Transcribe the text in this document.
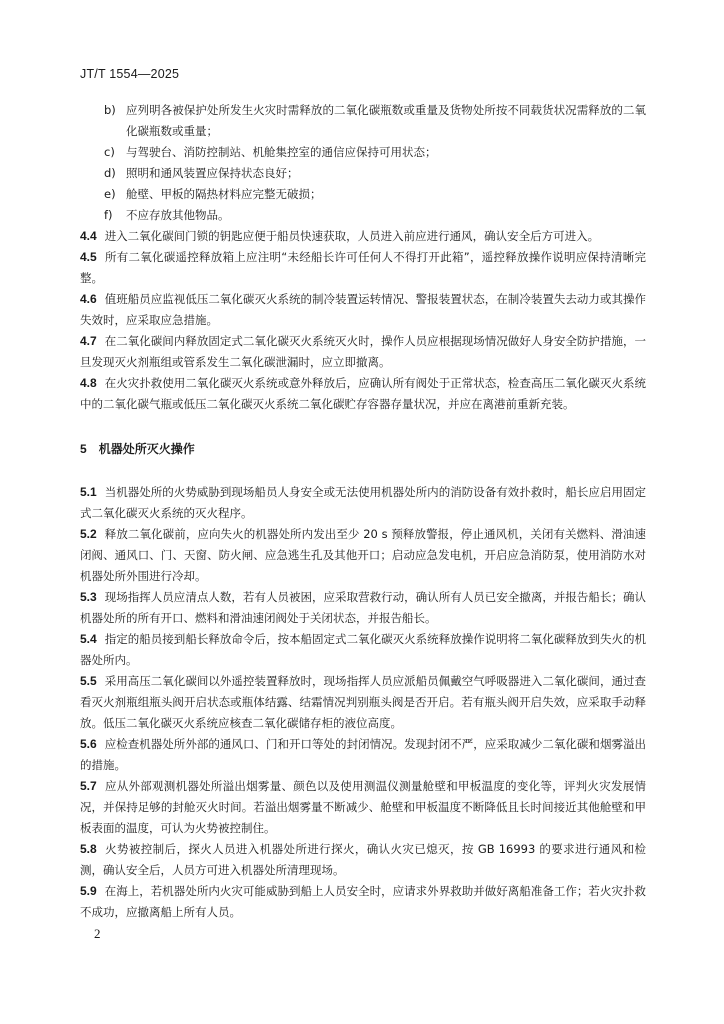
JT/T 1554—2025
b) 应列明各被保护处所发生火灾时需释放的二氧化碳瓶数或重量及货物处所按不同载货状况需释放的二氧化碳瓶数或重量；
c) 与驾驶台、消防控制站、机舱集控室的通信应保持可用状态；
d) 照明和通风装置应保持状态良好；
e) 舱壁、甲板的隔热材料应完整无破损；
f)	不应存放其他物品。
4.4 进入二氧化碳间门锁的钥匙应便于船员快速获取，人员进入前应进行通风，确认安全后方可进入。
4.5 所有二氧化碳遥控释放箱上应注明“未经船长许可任何人不得打开此箱”，遥控释放操作说明应保持清晰完整。
4.6 值班船员应监视低压二氧化碳灭火系统的制冷装置运转情况、警报装置状态，在制冷装置失去动力或其操作失效时，应采取应急措施。
4.7 在二氧化碳间内释放固定式二氧化碳灭火系统灭火时，操作人员应根据现场情况做好人身安全防护措施，一旦发现灭火剂瓶组或管系发生二氧化碳泄漏时，应立即撤离。
4.8 在火灾扑救使用二氧化碳灭火系统或意外释放后，应确认所有阀处于正常状态，检查高压二氧化碳灭火系统中的二氧化碳气瓶或低压二氧化碳灭火系统二氧化碳贮存容器存量状况，并应在离港前重新充装。
5 机器处所灭火操作
5.1 当机器处所的火势威胁到现场船员人身安全或无法使用机器处所内的消防设备有效扑救时，船长应启用固定式二氧化碳灭火系统的灭火程序。
5.2 释放二氧化碳前，应向失火的机器处所内发出至少 20 s 预释放警报，停止通风机，关闭有关燃料、滑油速闭阀、通风口、门、天窗、防火闸、应急逃生孔及其他开口；启动应急发电机，开启应急消防泵，使用消防水对机器处所外围进行冷却。
5.3 现场指挥人员应清点人数，若有人员被困，应采取营救行动，确认所有人员已安全撤离，并报告船长；确认机器处所的所有开口、燃料和滑油速闭阀处于关闭状态，并报告船长。
5.4 指定的船员接到船长释放命令后，按本船固定式二氧化碳灭火系统释放操作说明将二氧化碳释放到失火的机器处所内。
5.5 采用高压二氧化碳间以外遥控装置释放时，现场指挥人员应派船员佩戴空气呼吸器进入二氧化碳间，通过查看灭火剂瓶组瓶头阀开启状态或瓶体结露、结霜情况判别瓶头阀是否开启。若有瓶头阀开启失效，应采取手动释放。低压二氧化碳灭火系统应核查二氧化碳储存柜的液位高度。
5.6 应检查机器处所外部的通风口、门和开口等处的封闭情况。发现封闭不严，应采取减少二氧化碳和烟雾溢出的措施。
5.7 应从外部观测机器处所溢出烟雾量、颜色以及使用测温仪测量舱壁和甲板温度的变化等，评判火灾发展情况，并保持足够的封舱灭火时间。若溢出烟雾量不断减少、舱壁和甲板温度不断降低且长时间接近其他舱壁和甲板表面的温度，可认为火势被控制住。
5.8 火势被控制后，探火人员进入机器处所进行探火，确认火灾已熄灭，按 GB 16993 的要求进行通风和检测，确认安全后，人员方可进入机器处所清理现场。
5.9 在海上，若机器处所内火灾可能威胁到船上人员安全时，应请求外界救助并做好离船准备工作；若火灾扑救不成功，应撤离船上所有人员。
2
